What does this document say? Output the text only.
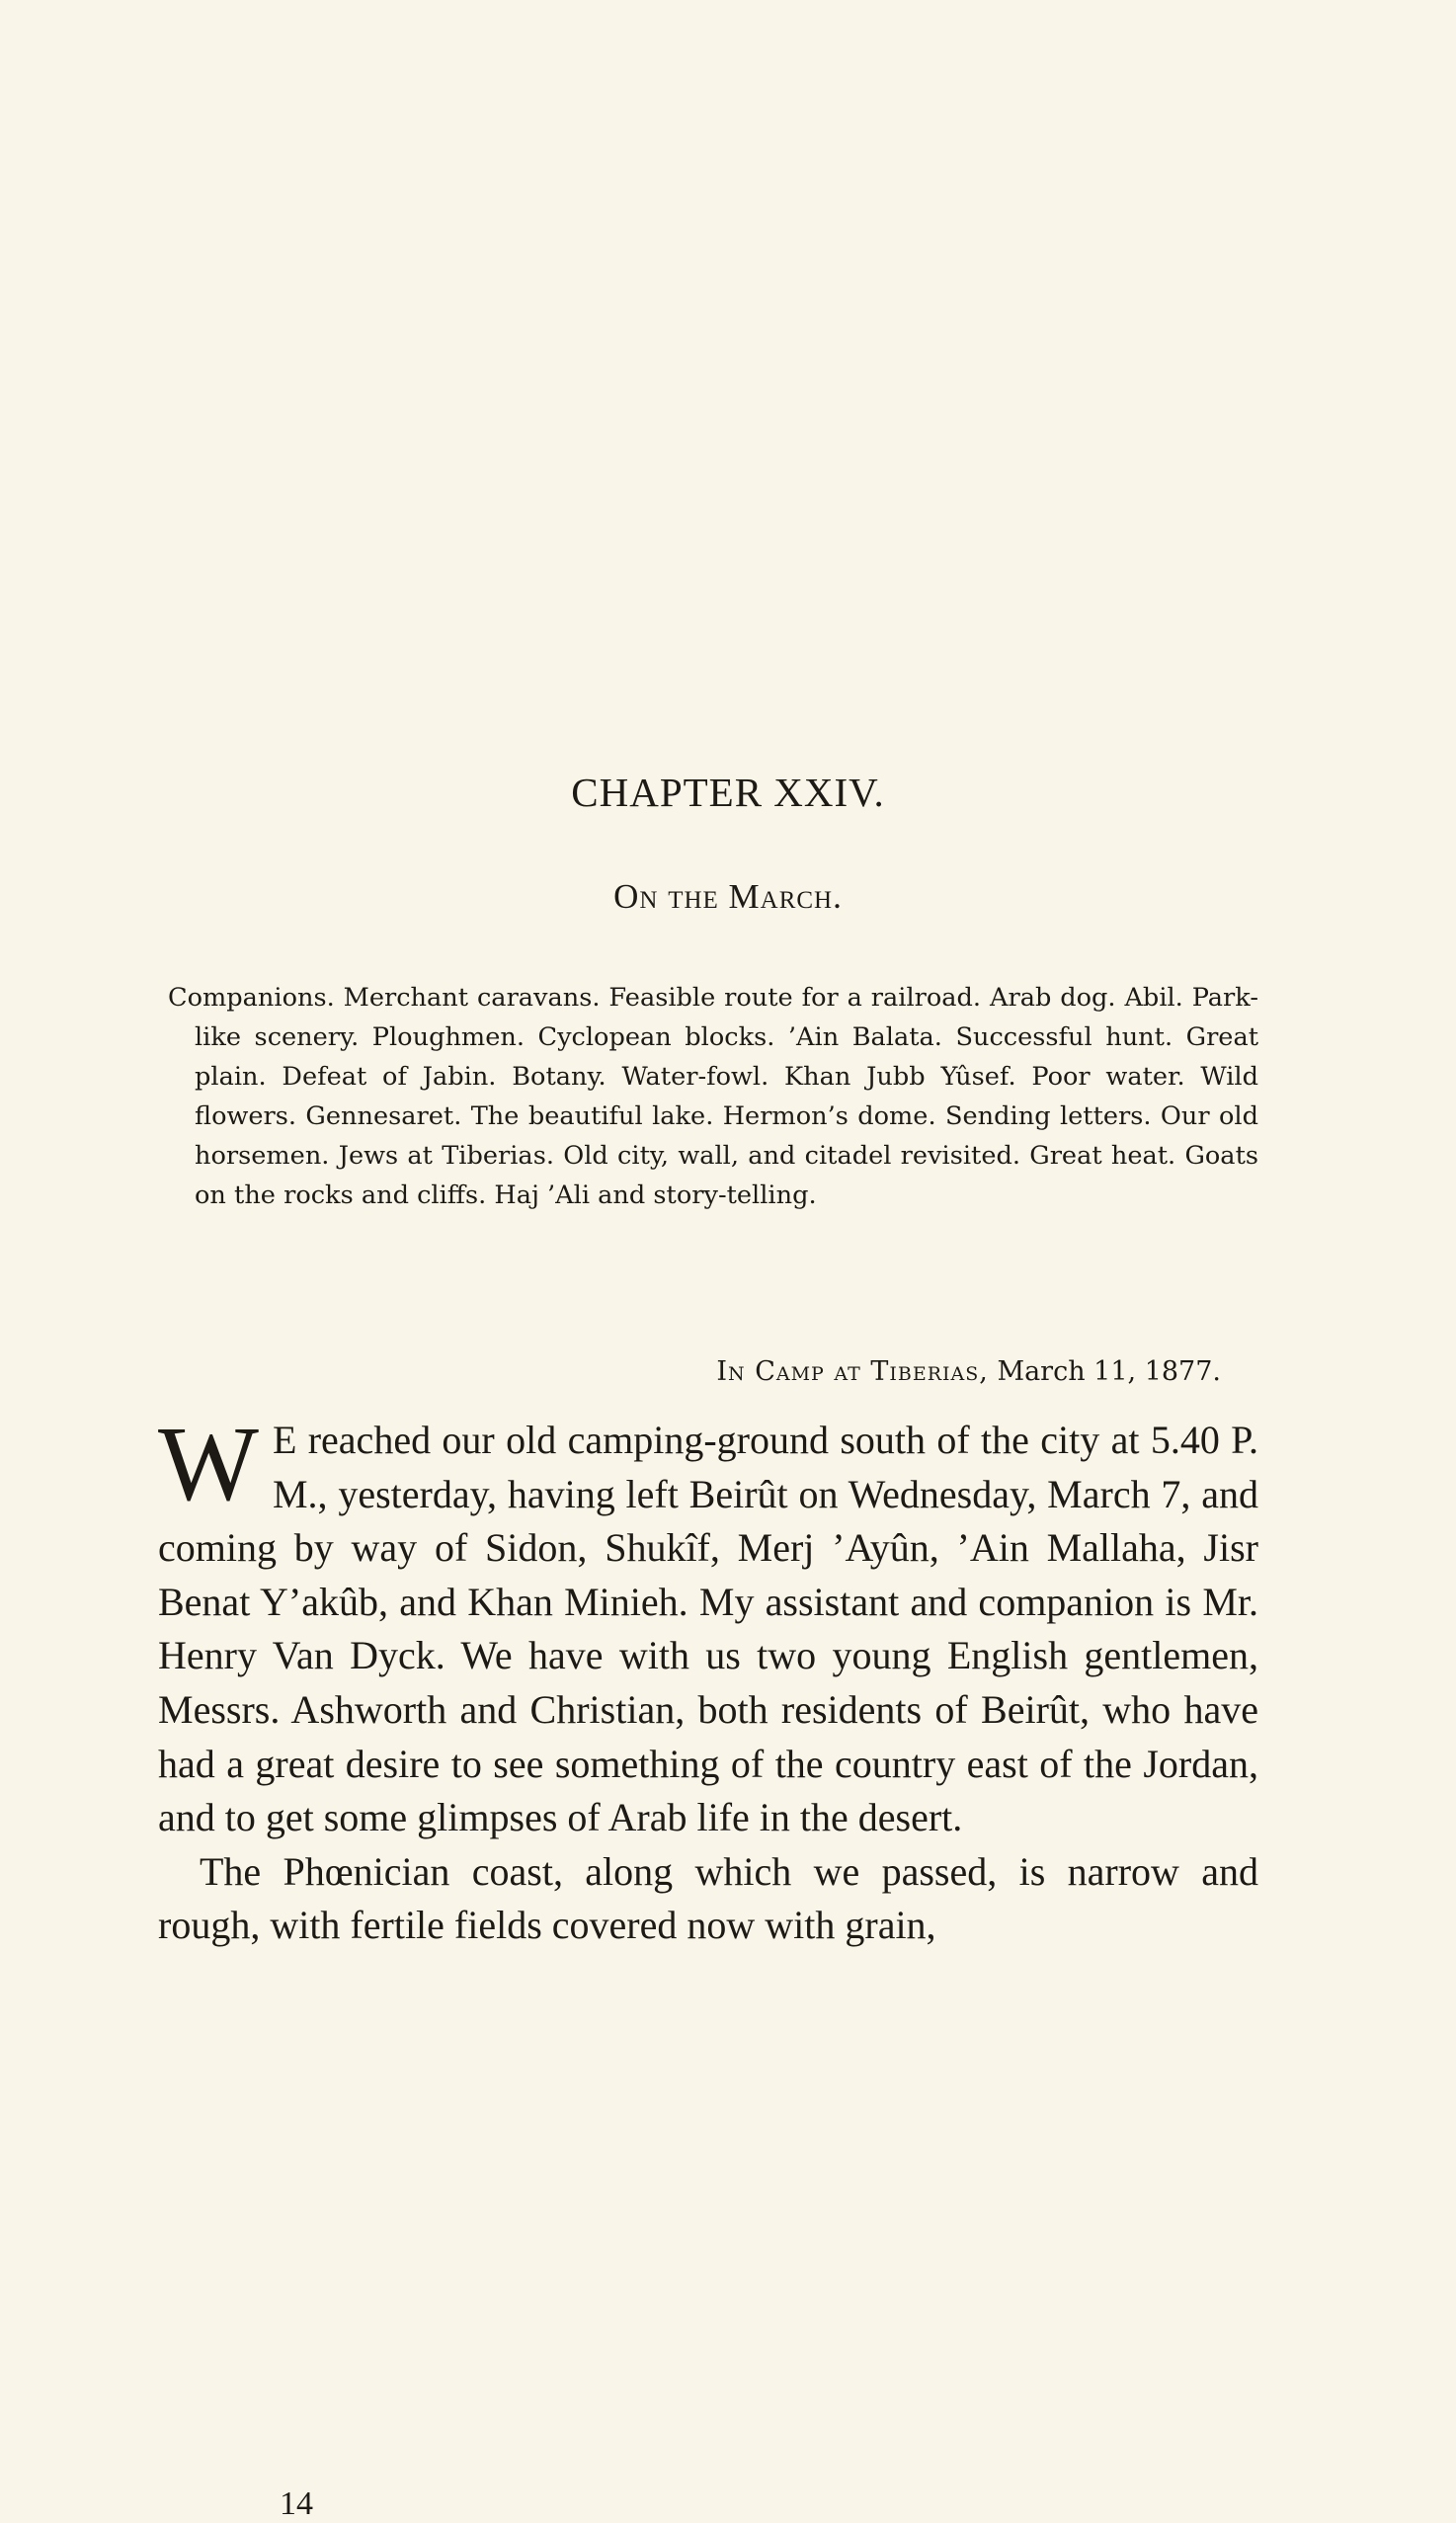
CHAPTER XXIV.
On the March.

Companions. Merchant caravans. Feasible route for a railroad. Arab dog. Abil. Park-like scenery. Ploughmen. Cyclopean blocks. ’Ain Balata. Successful hunt. Great plain. Defeat of Jabin. Botany. Water-fowl. Khan Jubb Yûsef. Poor water. Wild flowers. Gennesaret. The beautiful lake. Hermon’s dome. Sending letters. Our old horsemen. Jews at Tiberias. Old city, wall, and citadel revisited. Great heat. Goats on the rocks and cliffs. Haj ’Ali and story-telling.

In Camp at Tiberias, March 11, 1877.

W E reached our old camping-ground south of the city at 5.40 P. M., yesterday, having left Beirût on Wednesday, March 7, and coming by way of Sidon, Shukîf, Merj ’Ayûn, ’Ain Mallaha, Jisr Benat Y’akûb, and Khan Minieh. My assistant and companion is Mr. Henry Van Dyck. We have with us two young English gentlemen, Messrs. Ashworth and Christian, both residents of Beirût, who have had a great desire to see something of the country east of the Jordan, and to get some glimpses of Arab life in the desert.

The Phœnician coast, along which we passed, is narrow and rough, with fertile fields covered now with grain,

14
